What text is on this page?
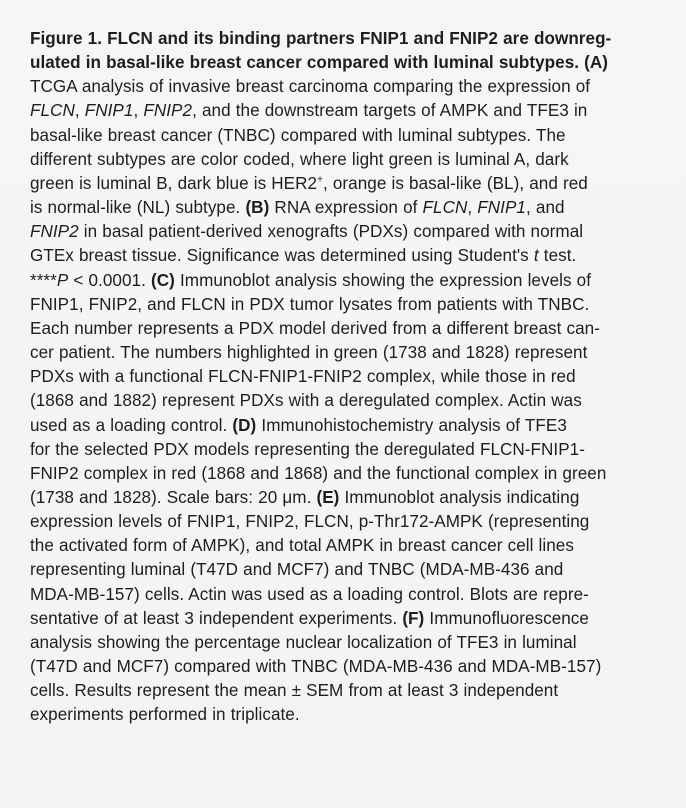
Figure 1. FLCN and its binding partners FNIP1 and FNIP2 are downreg-
ulated in basal-like breast cancer compared with luminal subtypes. (A)
TCGA analysis of invasive breast carcinoma comparing the expression of
FLCN, FNIP1, FNIP2, and the downstream targets of AMPK and TFE3 in
basal-like breast cancer (TNBC) compared with luminal subtypes. The
different subtypes are color coded, where light green is luminal A, dark
green is luminal B, dark blue is HER2+, orange is basal-like (BL), and red
is normal-like (NL) subtype. (B) RNA expression of FLCN, FNIP1, and
FNIP2 in basal patient-derived xenografts (PDXs) compared with normal
GTEx breast tissue. Significance was determined using Student's t test.
****P < 0.0001. (C) Immunoblot analysis showing the expression levels of
FNIP1, FNIP2, and FLCN in PDX tumor lysates from patients with TNBC.
Each number represents a PDX model derived from a different breast can-
cer patient. The numbers highlighted in green (1738 and 1828) represent
PDXs with a functional FLCN-FNIP1-FNIP2 complex, while those in red
(1868 and 1882) represent PDXs with a deregulated complex. Actin was
used as a loading control. (D) Immunohistochemistry analysis of TFE3
for the selected PDX models representing the deregulated FLCN-FNIP1-
FNIP2 complex in red (1868 and 1868) and the functional complex in green
(1738 and 1828). Scale bars: 20 μm. (E) Immunoblot analysis indicating
expression levels of FNIP1, FNIP2, FLCN, p-Thr172-AMPK (representing
the activated form of AMPK), and total AMPK in breast cancer cell lines
representing luminal (T47D and MCF7) and TNBC (MDA-MB-436 and
MDA-MB-157) cells. Actin was used as a loading control. Blots are repre-
sentative of at least 3 independent experiments. (F) Immunofluorescence
analysis showing the percentage nuclear localization of TFE3 in luminal
(T47D and MCF7) compared with TNBC (MDA-MB-436 and MDA-MB-157)
cells. Results represent the mean ± SEM from at least 3 independent
experiments performed in triplicate.
